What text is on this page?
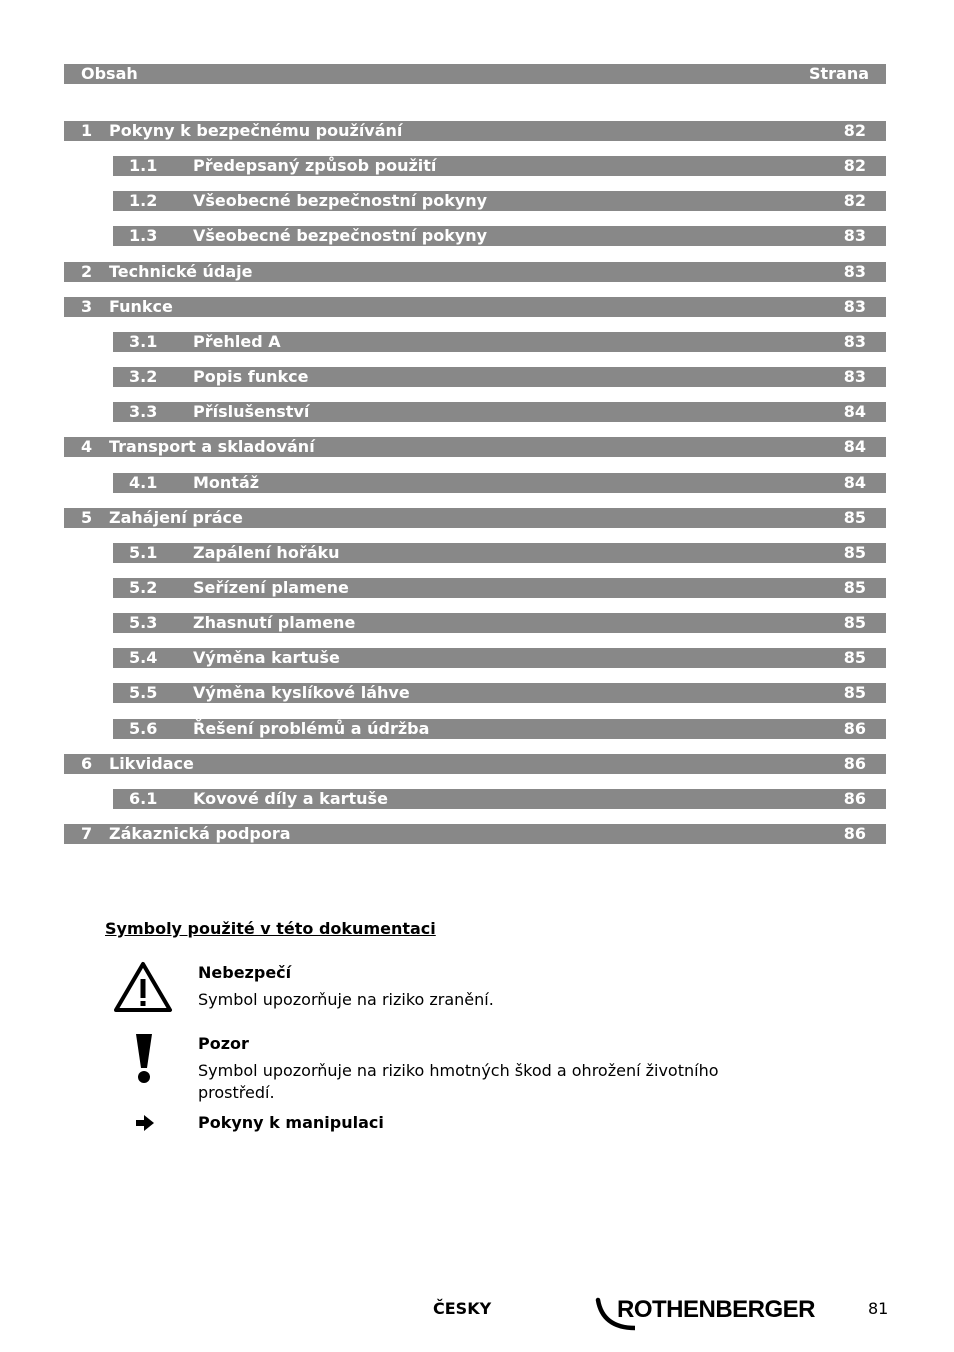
Obsah	Strana
1 Pokyny k bezpečnému používání	82
1.1 Předepsaný způsob použití	82
1.2 Všeobecné bezpečnostní pokyny	82
1.3 Všeobecné bezpečnostní pokyny	83
2 Technické údaje	83
3 Funkce	83
3.1 Přehled A	83
3.2 Popis funkce	83
3.3 Příslušenství	84
4 Transport a skladování	84
4.1 Montáž	84
5 Zahájení práce	85
5.1 Zapálení hořáku	85
5.2 Seřízení plamene	85
5.3 Zhasnutí plamene	85
5.4 Výměna kartuše	85
5.5 Výměna kyslíkové láhve	85
5.6 Řešení problémů a údržba	86
6 Likvidace	86
6.1 Kovové díly a kartuše	86
7 Zákaznická podpora	86
Symboly použité v této dokumentaci
Nebezpečí
Symbol upozorňuje na riziko zranění.
Pozor
Symbol upozorňuje na riziko hmotných škod a ohrožení životního prostředí.
Pokyny k manipulaci
ČESKY	ROTHENBERGER	81
